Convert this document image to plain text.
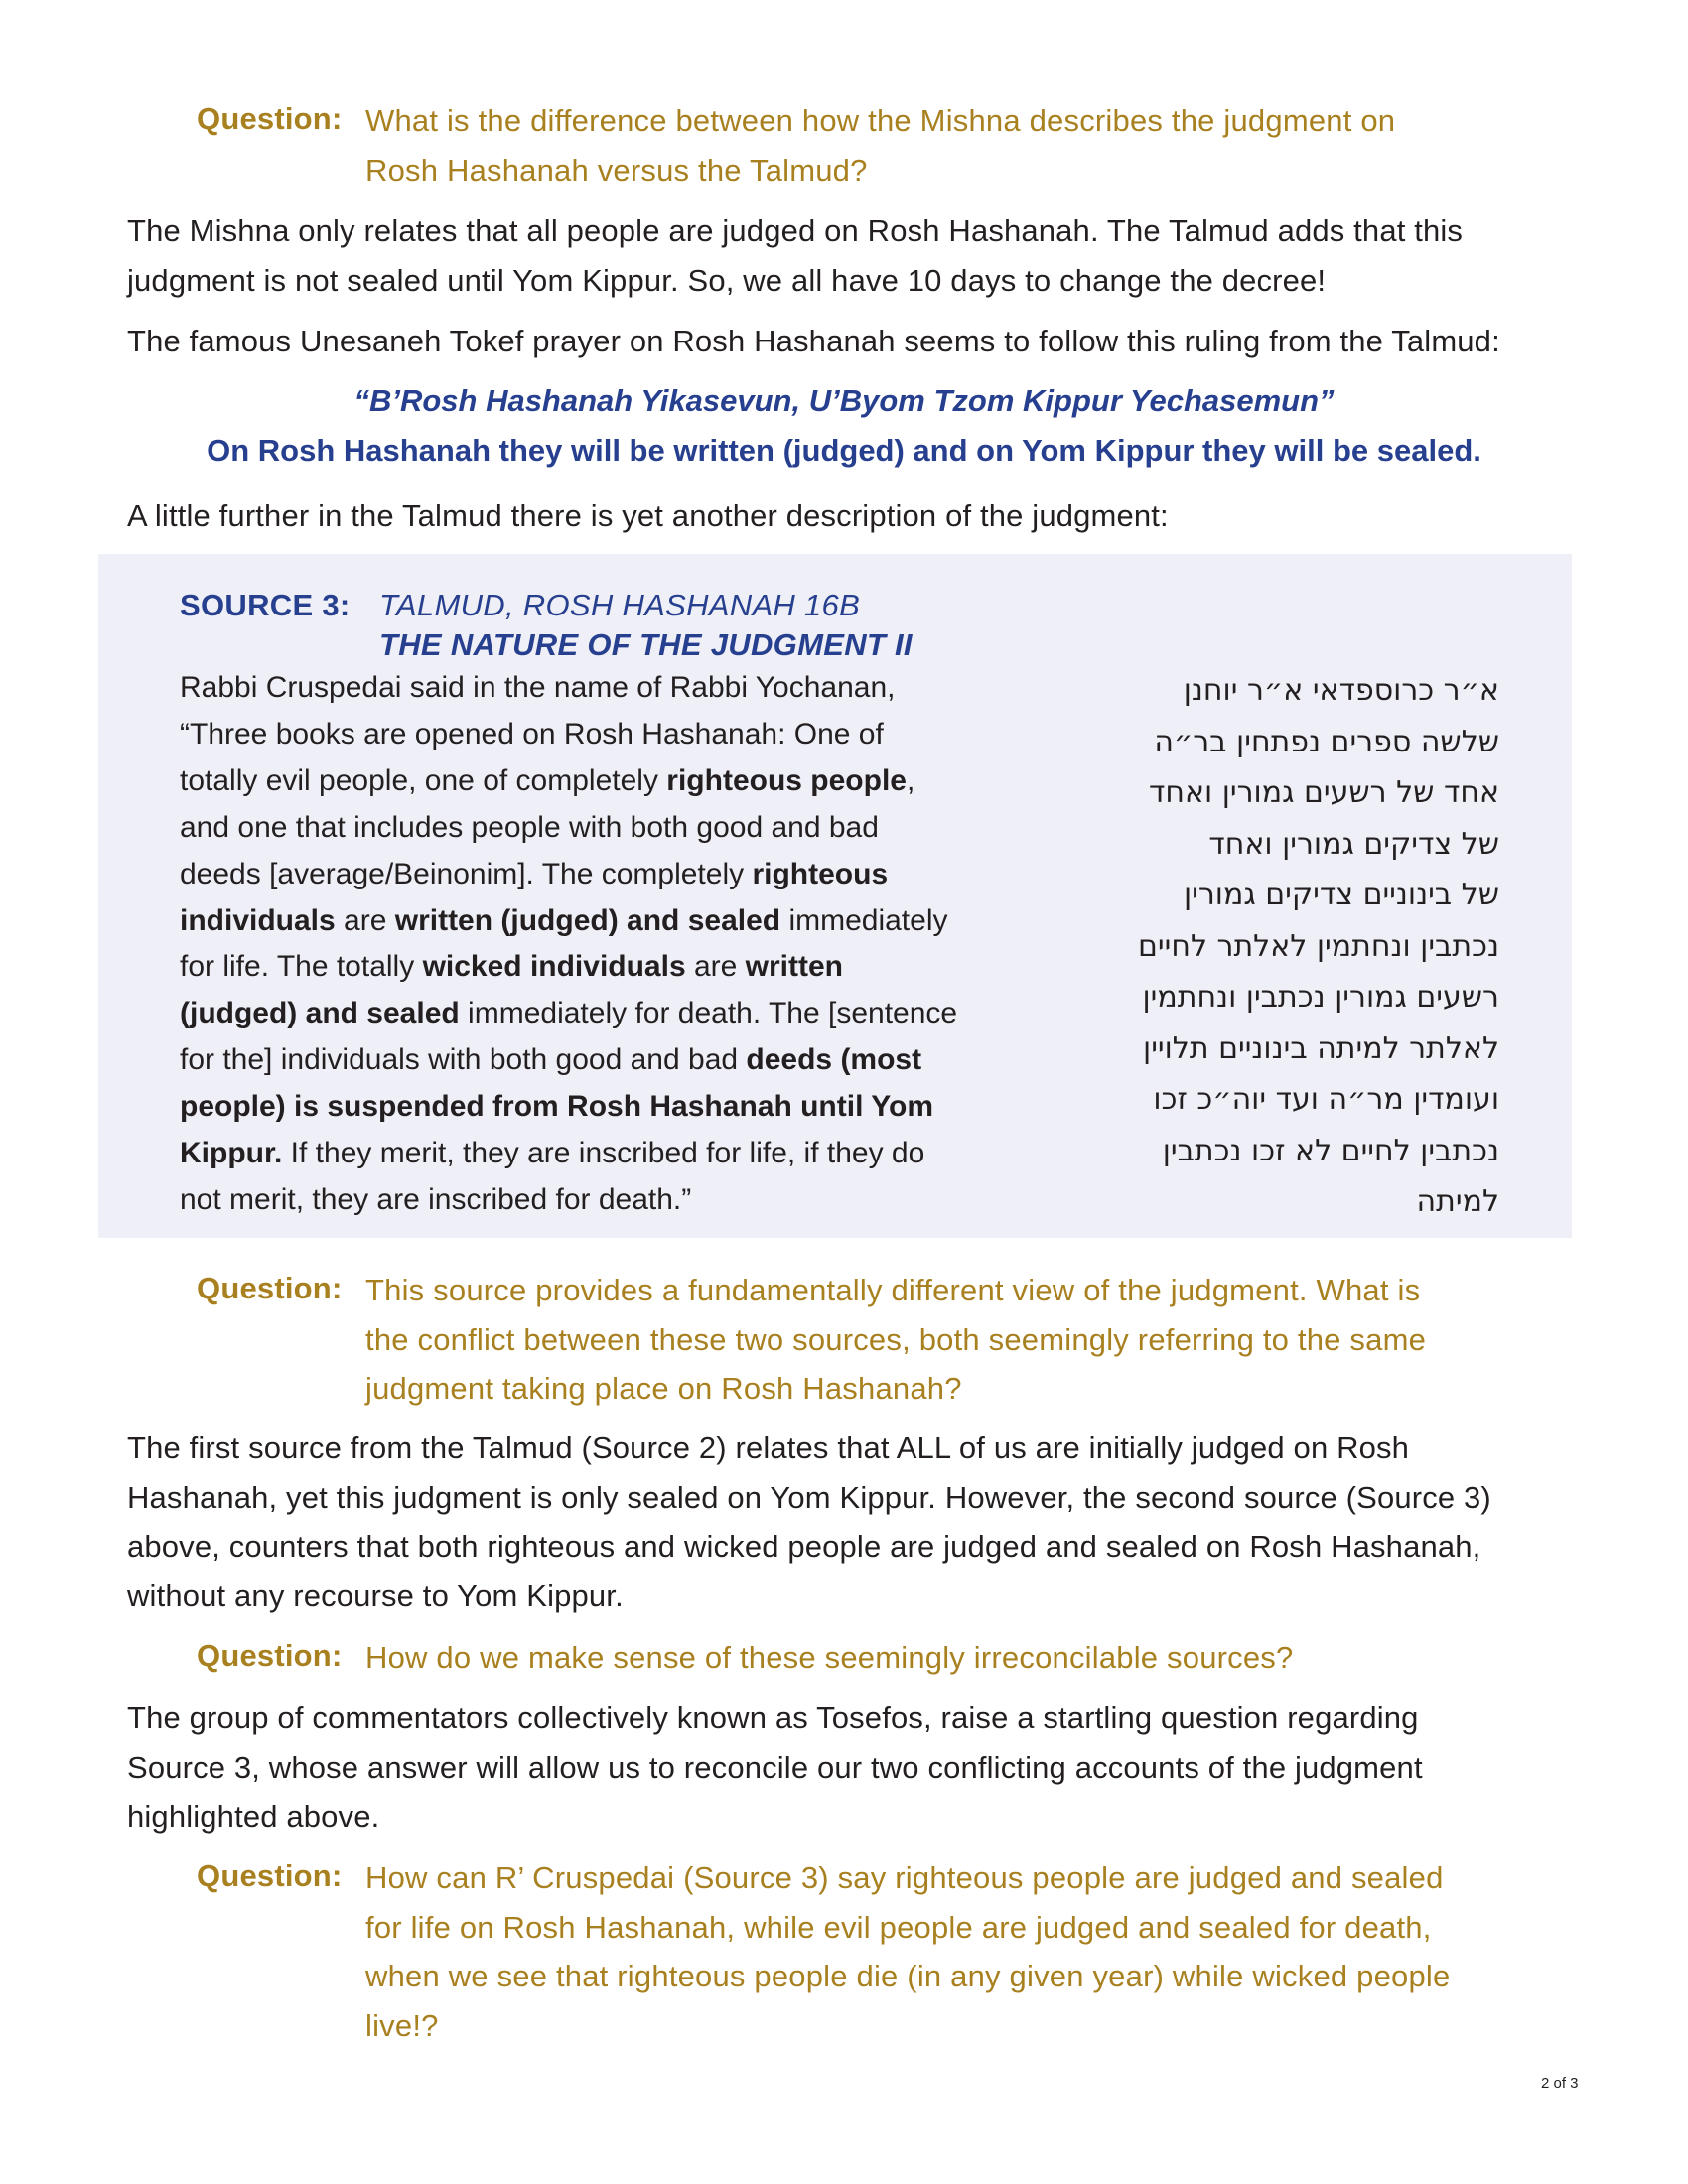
Question: What is the difference between how the Mishna describes the judgment on
Rosh Hashanah versus the Talmud?
The Mishna only relates that all people are judged on Rosh Hashanah. The Talmud adds that this
judgment is not sealed until Yom Kippur. So, we all have 10 days to change the decree!
The famous Unesaneh Tokef prayer on Rosh Hashanah seems to follow this ruling from the Talmud:
“B’Rosh Hashanah Yikasevun, U’Byom Tzom Kippur Yechasemun”
On Rosh Hashanah they will be written (judged) and on Yom Kippur they will be sealed.
A little further in the Talmud there is yet another description of the judgment:
SOURCE 3: TALMUD, ROSH HASHANAH 16B
THE NATURE OF THE JUDGMENT II
Rabbi Cruspedai said in the name of Rabbi Yochanan,
“Three books are opened on Rosh Hashanah: One of
totally evil people, one of completely righteous people,
and one that includes people with both good and bad
deeds [average/Beinonim]. The completely righteous
individuals are written (judged) and sealed immediately
for life. The totally wicked individuals are written
(judged) and sealed immediately for death. The [sentence
for the] individuals with both good and bad deeds (most
people) is suspended from Rosh Hashanah until Yom
Kippur. If they merit, they are inscribed for life, if they do
not merit, they are inscribed for death.”
א״ר כרוספדאי א״ר יוחנן
שלשה ספרים נפתחין בר״ה
אחד של רשעים גמורין ואחד
של צדיקים גמורין ואחד
של בינוניים צדיקים גמורין
נכתבין ונחתמין לאלתר לחיים
רשעים גמורין נכתבין ונחתמין
לאלתר למיתה בינוניים תלויין
ועומדין מר״ה ועד יוה״כ זכו
נכתבין לחיים לא זכו נכתבין
למיתה
Question: This source provides a fundamentally different view of the judgment. What is
the conflict between these two sources, both seemingly referring to the same
judgment taking place on Rosh Hashanah?
The first source from the Talmud (Source 2) relates that ALL of us are initially judged on Rosh
Hashanah, yet this judgment is only sealed on Yom Kippur. However, the second source (Source 3)
above, counters that both righteous and wicked people are judged and sealed on Rosh Hashanah,
without any recourse to Yom Kippur.
Question: How do we make sense of these seemingly irreconcilable sources?
The group of commentators collectively known as Tosefos, raise a startling question regarding
Source 3, whose answer will allow us to reconcile our two conflicting accounts of the judgment
highlighted above.
Question: How can R’ Cruspedai (Source 3) say righteous people are judged and sealed
for life on Rosh Hashanah, while evil people are judged and sealed for death,
when we see that righteous people die (in any given year) while wicked people
live!?
2 of 3
